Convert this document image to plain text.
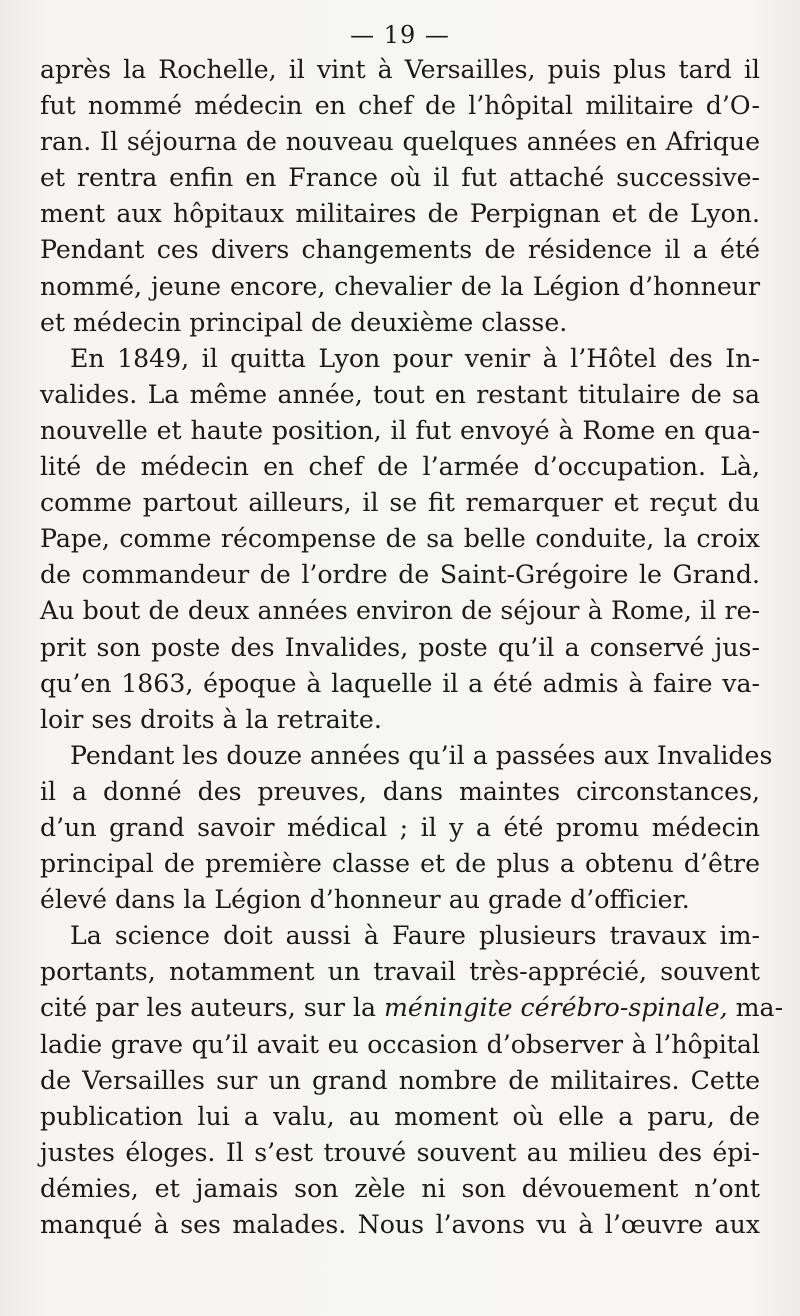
— 19 —
après la Rochelle, il vint à Versailles, puis plus tard il
fut nommé médecin en chef de l’hôpital militaire d’O-
ran. Il séjourna de nouveau quelques années en Afrique
et rentra enfin en France où il fut attaché successive-
ment aux hôpitaux militaires de Perpignan et de Lyon.
Pendant ces divers changements de résidence il a été
nommé, jeune encore, chevalier de la Légion d’honneur
et médecin principal de deuxième classe.
En 1849, il quitta Lyon pour venir à l’Hôtel des In-
valides. La même année, tout en restant titulaire de sa
nouvelle et haute position, il fut envoyé à Rome en qua-
lité de médecin en chef de l’armée d’occupation. Là,
comme partout ailleurs, il se fit remarquer et reçut du
Pape, comme récompense de sa belle conduite, la croix
de commandeur de l’ordre de Saint-Grégoire le Grand.
Au bout de deux années environ de séjour à Rome, il re-
prit son poste des Invalides, poste qu’il a conservé jus-
qu’en 1863, époque à laquelle il a été admis à faire va-
loir ses droits à la retraite.
Pendant les douze années qu’il a passées aux Invalides
il a donné des preuves, dans maintes circonstances,
d’un grand savoir médical ; il y a été promu médecin
principal de première classe et de plus a obtenu d’être
élevé dans la Légion d’honneur au grade d’officier.
La science doit aussi à Faure plusieurs travaux im-
portants, notamment un travail très-apprécié, souvent
cité par les auteurs, sur la méningite cérébro-spinale, ma-
ladie grave qu’il avait eu occasion d’observer à l’hôpital
de Versailles sur un grand nombre de militaires. Cette
publication lui a valu, au moment où elle a paru, de
justes éloges. Il s’est trouvé souvent au milieu des épi-
démies, et jamais son zèle ni son dévouement n’ont
manqué à ses malades. Nous l’avons vu à l’œuvre aux
